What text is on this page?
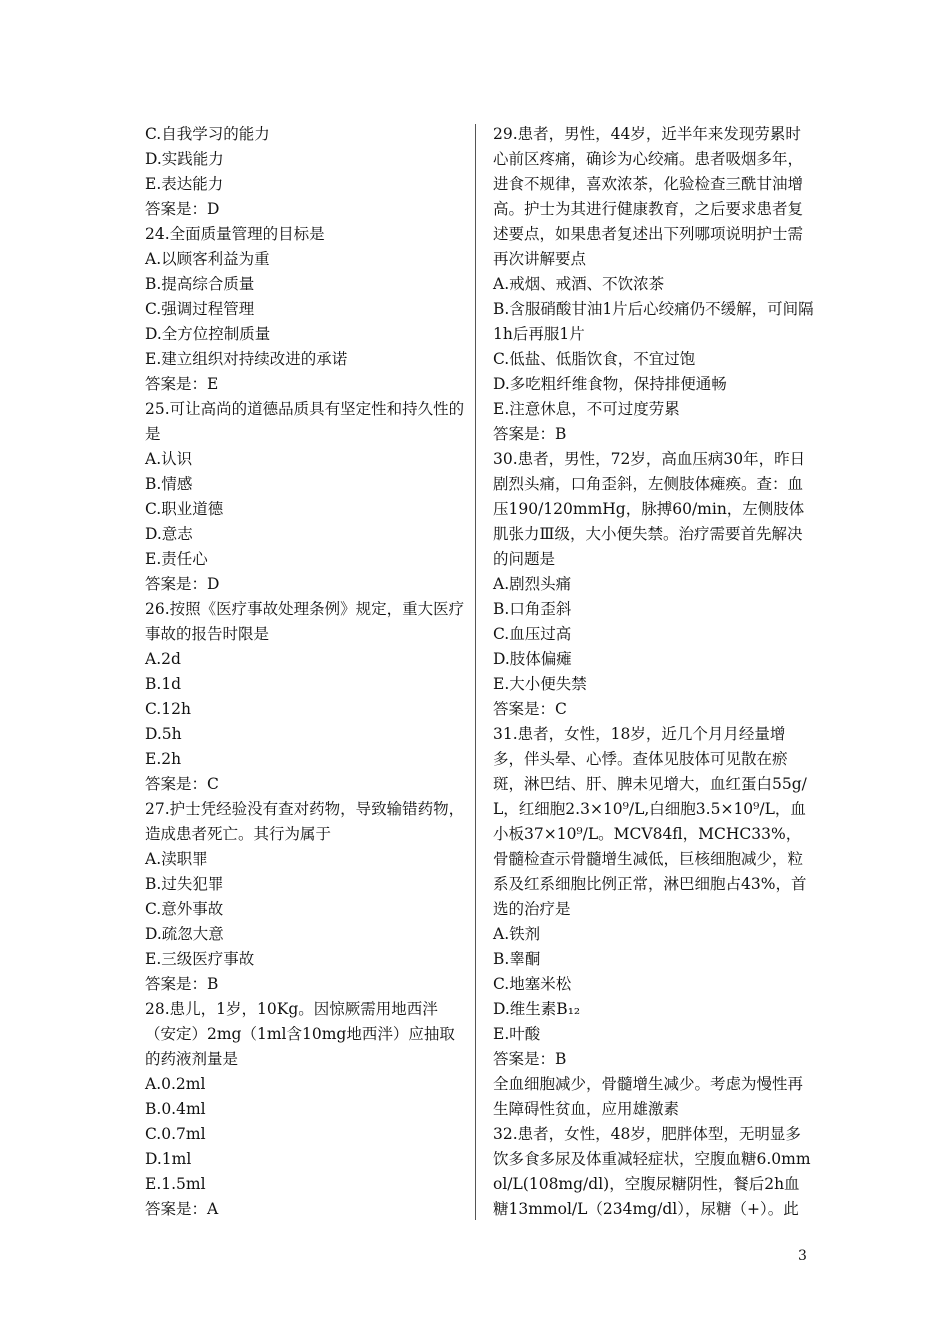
C.自我学习的能力

D.实践能力

E.表达能力

答案是：D

24.全面质量管理的目标是

A.以顾客利益为重

B.提高综合质量

C.强调过程管理

D.全方位控制质量

E.建立组织对持续改进的承诺

答案是：E

25.可让高尚的道德品质具有坚定性和持久性的是

A.认识

B.情感

C.职业道德

D.意志

E.责任心

答案是：D

26.按照《医疗事故处理条例》规定，重大医疗事故的报告时限是

A.2d

B.1d

C.12h

D.5h

E.2h

答案是：C

27.护士凭经验没有查对药物，导致输错药物，造成患者死亡。其行为属于

A.渎职罪

B.过失犯罪

C.意外事故

D.疏忽大意

E.三级医疗事故

答案是：B

28.患儿，1岁，10Kg。因惊厥需用地西泮（安定）2mg（1ml含10mg地西泮）应抽取的药液剂量是

A.0.2ml

B.0.4ml

C.0.7ml

D.1ml

E.1.5ml

答案是：A

29.患者，男性，44岁，近半年来发现劳累时心前区疼痛，确诊为心绞痛。患者吸烟多年，进食不规律，喜欢浓茶，化验检查三酰甘油增高。护士为其进行健康教育，之后要求患者复述要点，如果患者复述出下列哪项说明护士需再次讲解要点

A.戒烟、戒酒、不饮浓茶

B.含服硝酸甘油1片后心绞痛仍不缓解，可间隔1h后再服1片

C.低盐、低脂饮食，不宜过饱

D.多吃粗纤维食物，保持排便通畅

E.注意休息，不可过度劳累

答案是：B

30.患者，男性，72岁，高血压病30年，昨日剧烈头痛，口角歪斜，左侧肢体瘫痪。查：血压190/120mmHg，脉搏60/min，左侧肢体肌张力Ⅲ级，大小便失禁。治疗需要首先解决的问题是

A.剧烈头痛

B.口角歪斜

C.血压过高

D.肢体偏瘫

E.大小便失禁

答案是：C

31.患者，女性，18岁，近几个月月经量增多，伴头晕、心悸。查体见肢体可见散在瘀斑，淋巴结、肝、脾未见增大，血红蛋白55g/L，红细胞2.3×10⁹/L,白细胞3.5×10⁹/L，血小板37×10⁹/L。MCV84fl，MCHC33%，骨髓检查示骨髓增生减低，巨核细胞减少，粒系及红系细胞比例正常，淋巴细胞占43%，首选的治疗是

A.铁剂

B.睾酮

C.地塞米松

D.维生素B₁₂

E.叶酸

答案是：B

全血细胞减少，骨髓增生减少。考虑为慢性再生障碍性贫血，应用雄激素

32.患者，女性，48岁，肥胖体型，无明显多饮多食多尿及体重减轻症状，空腹血糖6.0mmol/L(108mg/dl)，空腹尿糖阴性，餐后2h血糖13mmol/L（234mg/dl），尿糖（+）。此

3
